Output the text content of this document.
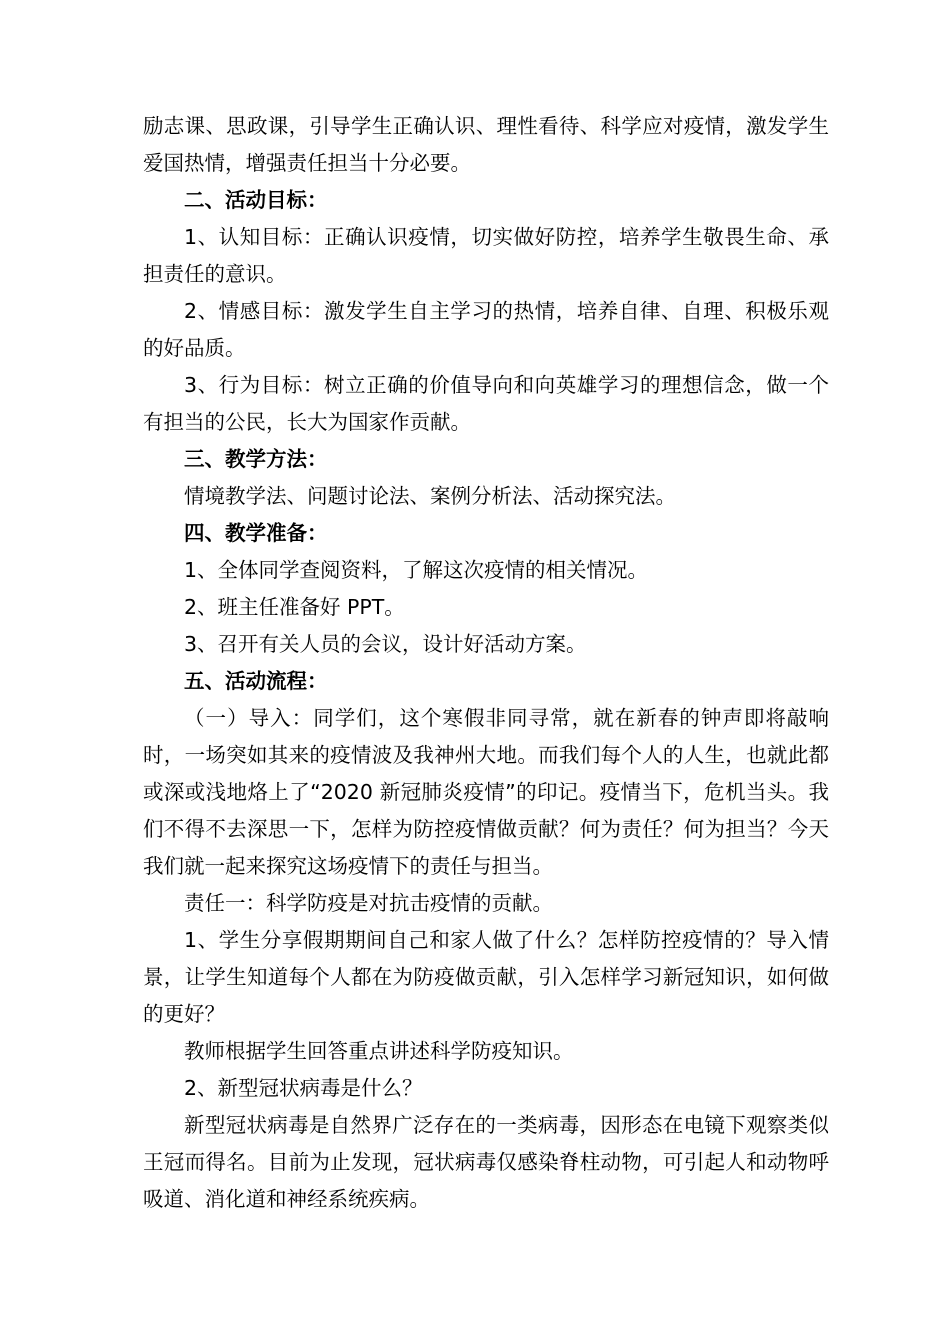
励志课、思政课，引导学生正确认识、理性看待、科学应对疫情，激发学生爱国热情，增强责任担当十分必要。

二、活动目标：

1、认知目标：正确认识疫情，切实做好防控，培养学生敬畏生命、承担责任的意识。

2、情感目标：激发学生自主学习的热情，培养自律、自理、积极乐观的好品质。

3、行为目标：树立正确的价值导向和向英雄学习的理想信念，做一个有担当的公民，长大为国家作贡献。

三、教学方法：

情境教学法、问题讨论法、案例分析法、活动探究法。

四、教学准备：

1、全体同学查阅资料，了解这次疫情的相关情况。

2、班主任准备好 PPT。

3、召开有关人员的会议，设计好活动方案。

五、活动流程：

（一）导入：同学们，这个寒假非同寻常，就在新春的钟声即将敲响时，一场突如其来的疫情波及我神州大地。而我们每个人的人生，也就此都或深或浅地烙上了“2020 新冠肺炎疫情”的印记。疫情当下，危机当头。我们不得不去深思一下，怎样为防控疫情做贡献？何为责任？何为担当？今天我们就一起来探究这场疫情下的责任与担当。

责任一：科学防疫是对抗击疫情的贡献。

1、学生分享假期期间自己和家人做了什么？怎样防控疫情的？导入情景，让学生知道每个人都在为防疫做贡献，引入怎样学习新冠知识，如何做的更好？

教师根据学生回答重点讲述科学防疫知识。

2、新型冠状病毒是什么？

新型冠状病毒是自然界广泛存在的一类病毒，因形态在电镜下观察类似王冠而得名。目前为止发现，冠状病毒仅感染脊柱动物，可引起人和动物呼吸道、消化道和神经系统疾病。
